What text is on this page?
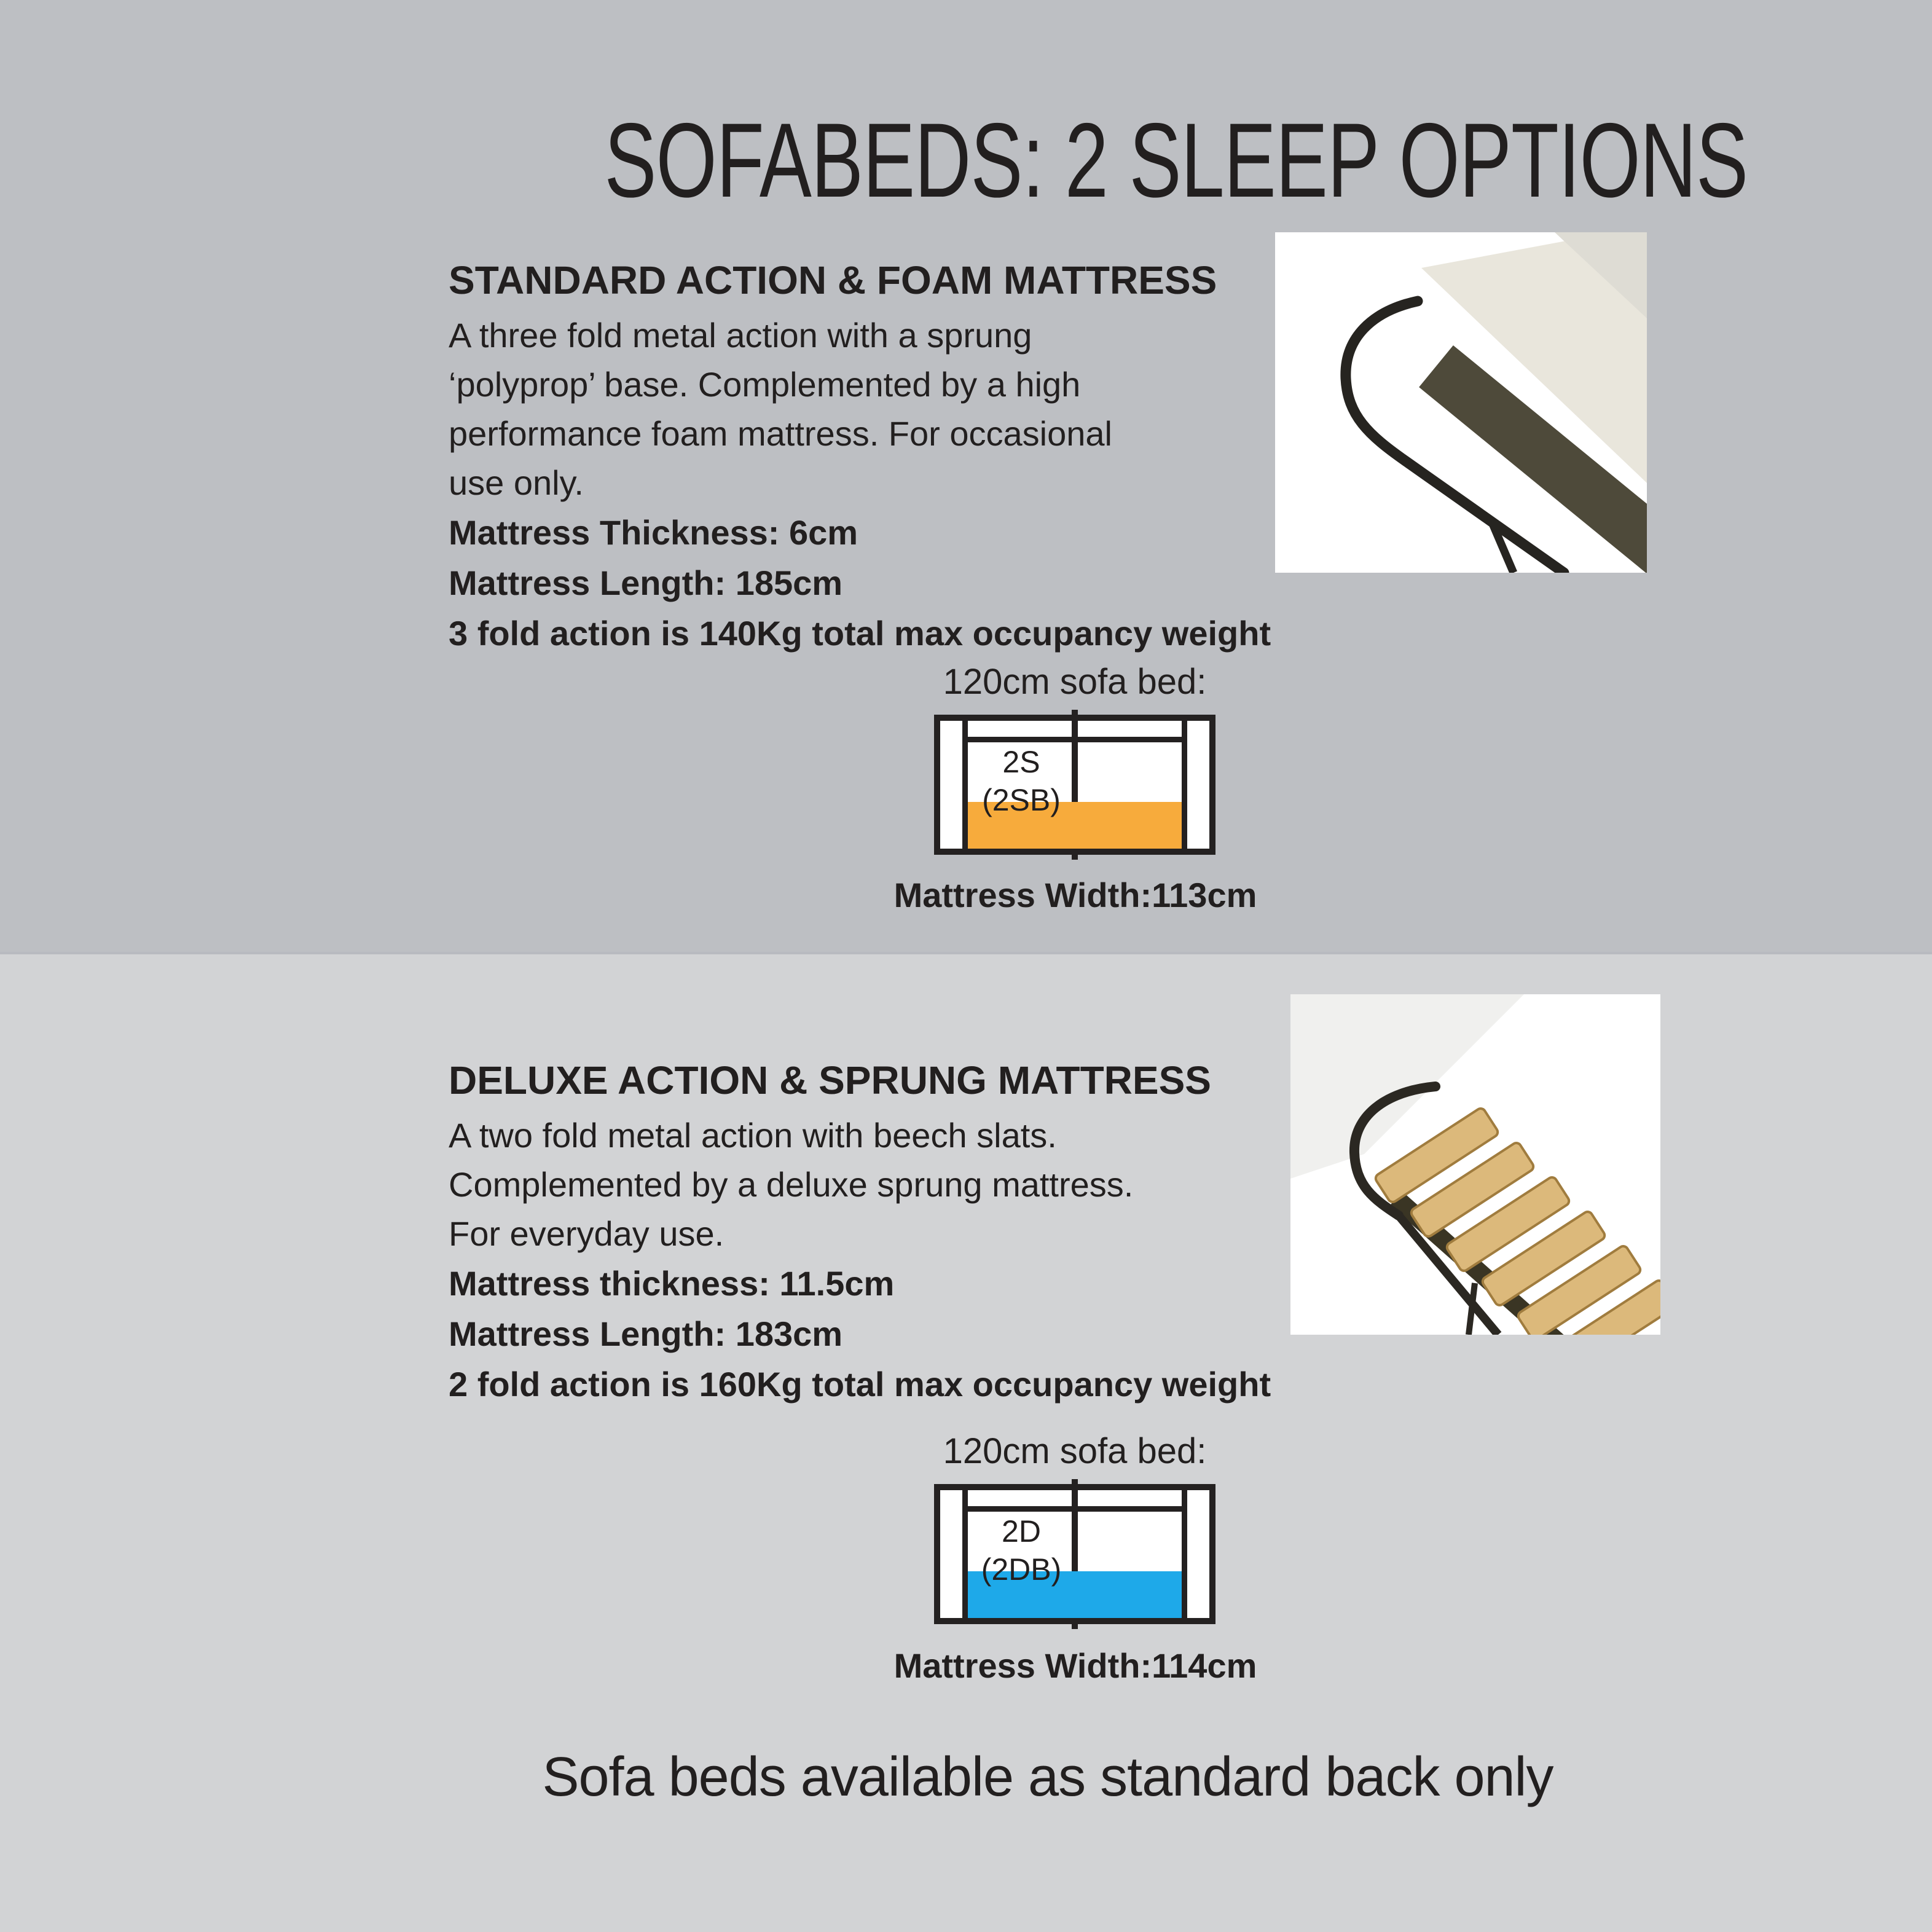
SOFABEDS: 2 SLEEP OPTIONS
STANDARD ACTION & FOAM MATTRESS
A three fold metal action with a sprung
‘polyprop’ base. Complemented by a high
performance foam mattress. For occasional
use only.
Mattress Thickness: 6cm
Mattress Length: 185cm
3 fold action is 140Kg total max occupancy weight
120cm sofa bed:
2S
(2SB)
Mattress Width:113cm
DELUXE ACTION & SPRUNG MATTRESS
A two fold metal action with beech slats.
Complemented by a deluxe sprung mattress.
For everyday use.
Mattress thickness: 11.5cm
Mattress Length: 183cm
2 fold action is 160Kg total max occupancy weight
120cm sofa bed:
2D
(2DB)
Mattress Width:114cm
Sofa beds available as standard back only
